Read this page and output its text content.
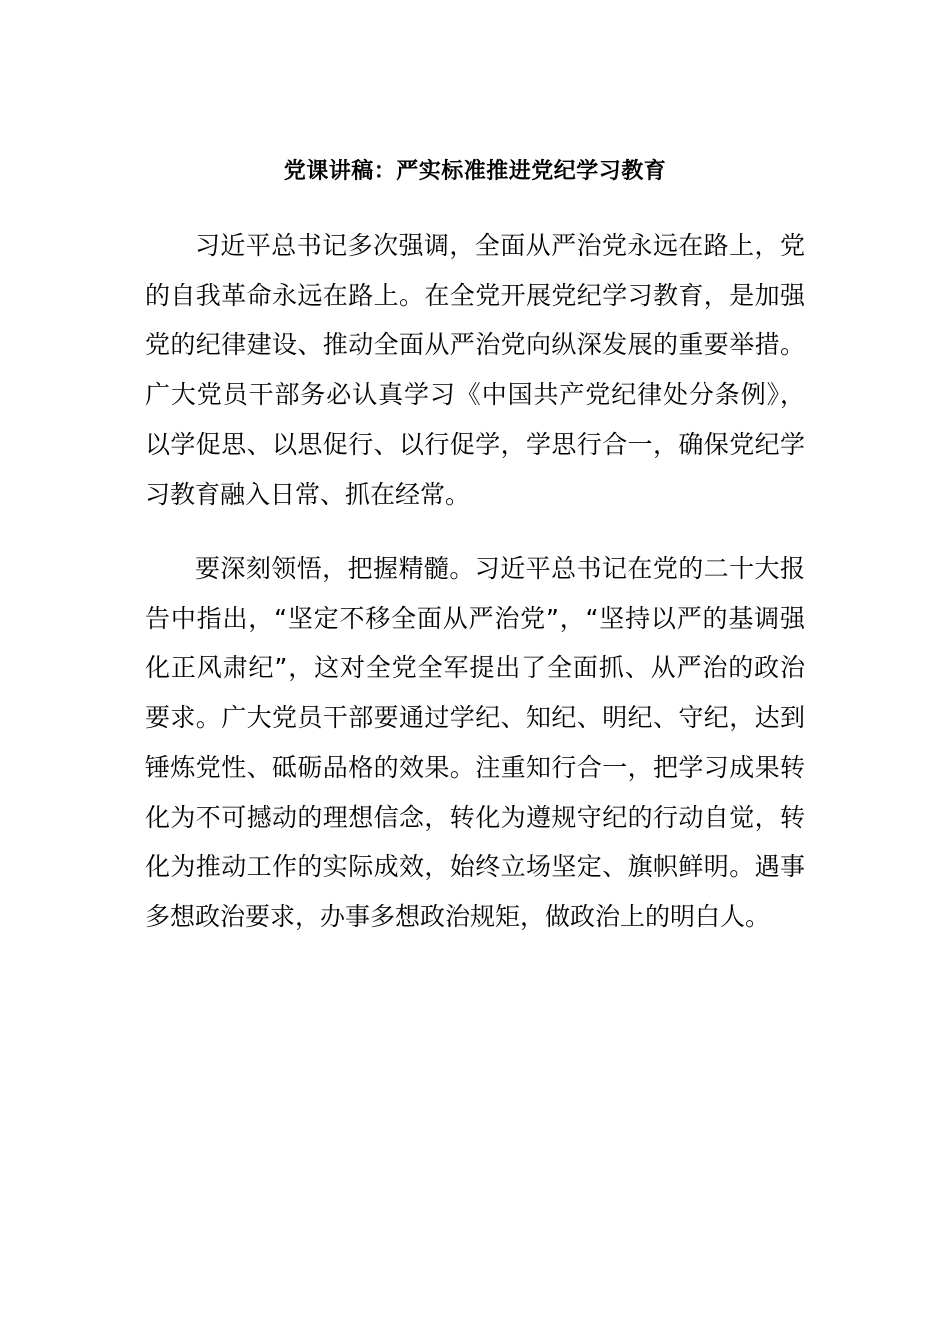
党课讲稿：严实标准推进党纪学习教育

习近平总书记多次强调，全面从严治党永远在路上，党的自我革命永远在路上。在全党开展党纪学习教育，是加强党的纪律建设、推动全面从严治党向纵深发展的重要举措。广大党员干部务必认真学习《中国共产党纪律处分条例》，以学促思、以思促行、以行促学，学思行合一，确保党纪学习教育融入日常、抓在经常。

要深刻领悟，把握精髓。习近平总书记在党的二十大报告中指出，“坚定不移全面从严治党”，“坚持以严的基调强化正风肃纪”，这对全党全军提出了全面抓、从严治的政治要求。广大党员干部要通过学纪、知纪、明纪、守纪，达到锤炼党性、砥砺品格的效果。注重知行合一，把学习成果转化为不可撼动的理想信念，转化为遵规守纪的行动自觉，转化为推动工作的实际成效，始终立场坚定、旗帜鲜明。遇事多想政治要求，办事多想政治规矩，做政治上的明白人。
